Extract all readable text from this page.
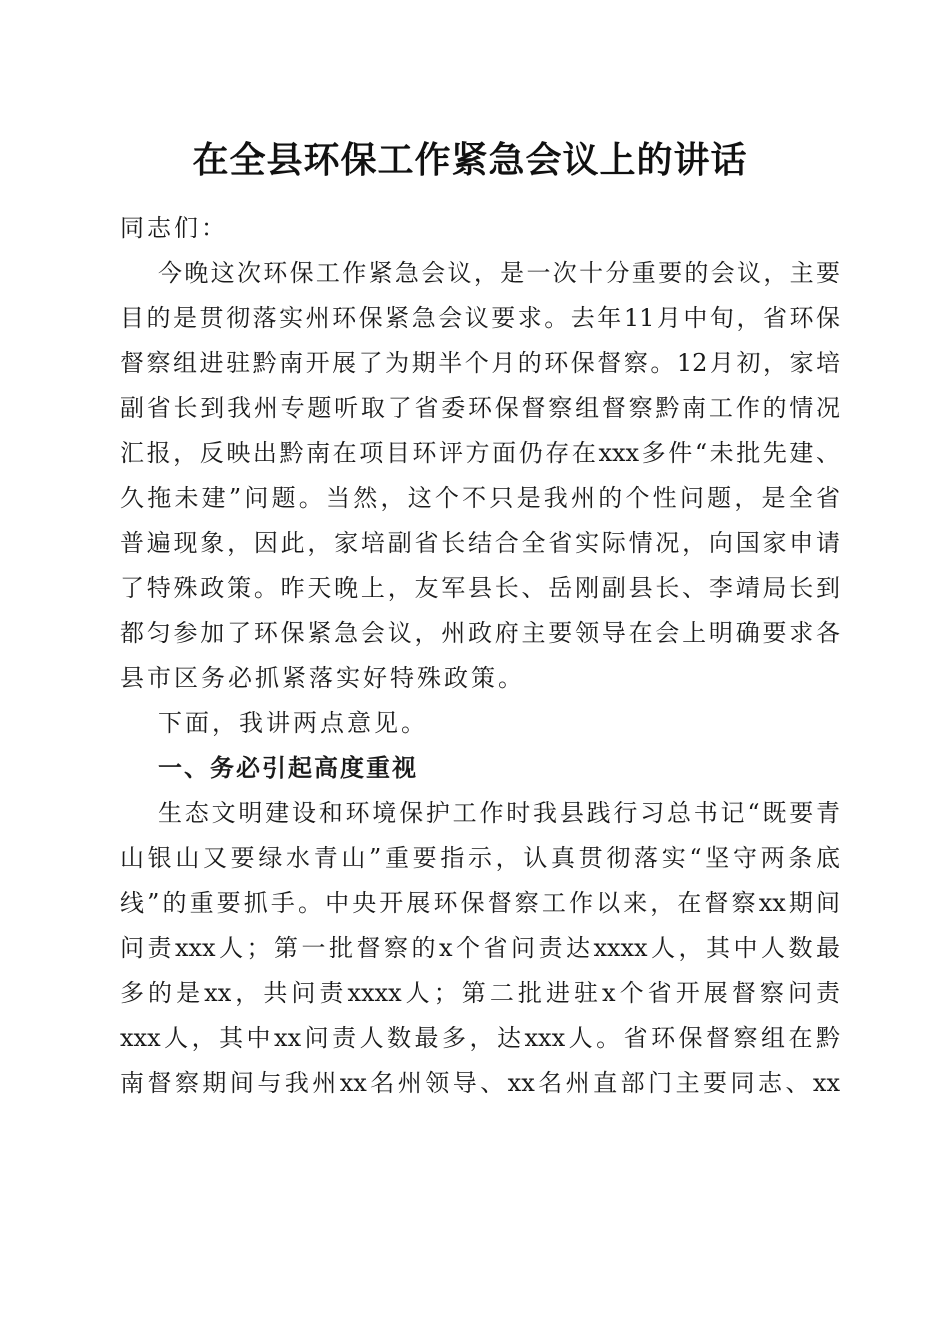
在全县环保工作紧急会议上的讲话
同志们：
今晚这次环保工作紧急会议，是一次十分重要的会议，主要
目的是贯彻落实州环保紧急会议要求。去年11月中旬，省环保
督察组进驻黔南开展了为期半个月的环保督察。12月初，家培
副省长到我州专题听取了省委环保督察组督察黔南工作的情况
汇报，反映出黔南在项目环评方面仍存在xxx多件“未批先建、
久拖未建”问题。当然，这个不只是我州的个性问题，是全省
普遍现象，因此，家培副省长结合全省实际情况，向国家申请
了特殊政策。昨天晚上，友军县长、岳刚副县长、李靖局长到
都匀参加了环保紧急会议，州政府主要领导在会上明确要求各
县市区务必抓紧落实好特殊政策。
下面，我讲两点意见。
一、务必引起高度重视
生态文明建设和环境保护工作时我县践行习总书记“既要青
山银山又要绿水青山”重要指示，认真贯彻落实“坚守两条底
线”的重要抓手。中央开展环保督察工作以来，在督察xx期间
问责xxx人；第一批督察的x个省问责达xxxx人，其中人数最
多的是xx，共问责xxxx人；第二批进驻x个省开展督察问责
xxx人，其中xx问责人数最多，达xxx人。省环保督察组在黔
南督察期间与我州xx名州领导、xx名州直部门主要同志、xx
